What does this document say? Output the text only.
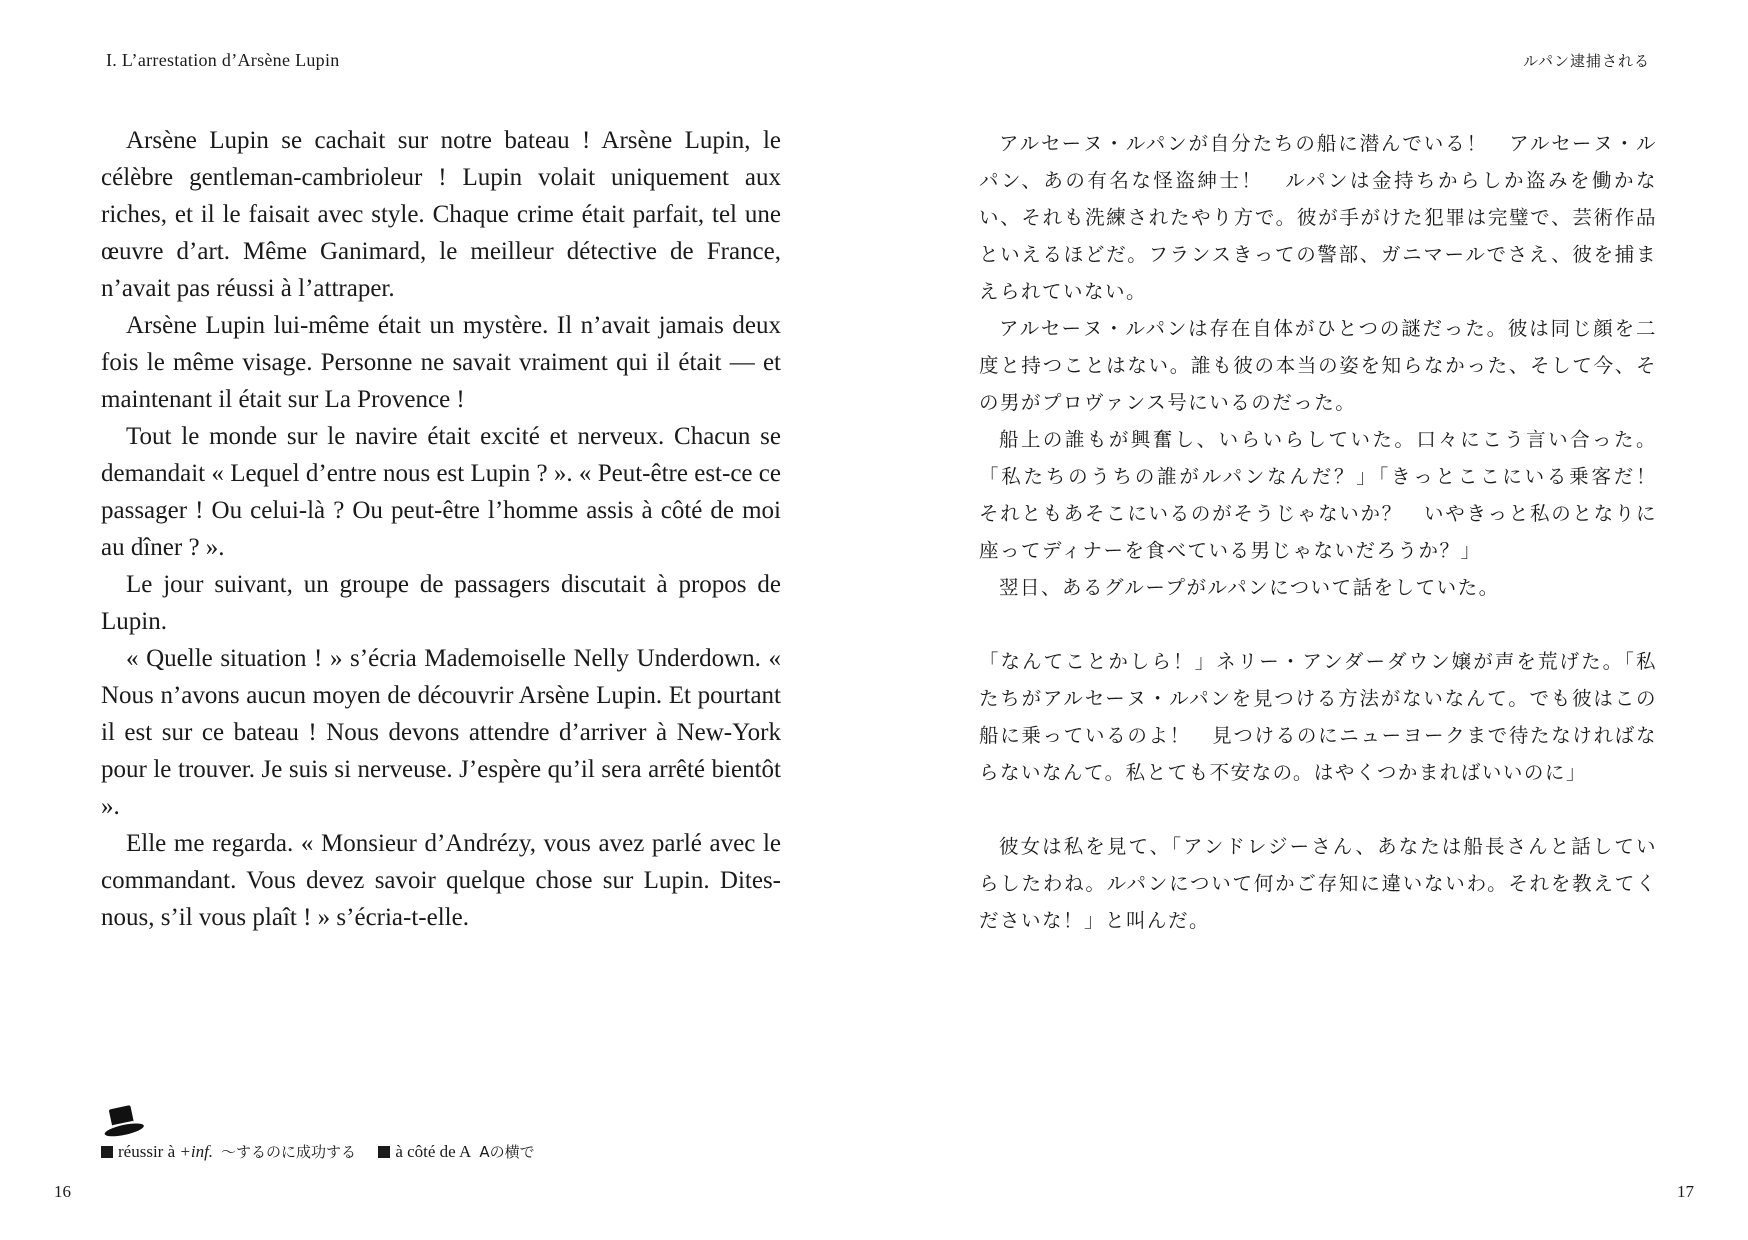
I. L’arrestation d’Arsène Lupin

Arsène Lupin se cachait sur notre bateau ! Arsène Lupin, le célèbre gentleman-cambrioleur ! Lupin volait uniquement aux riches, et il le faisait avec style. Chaque crime était parfait, tel une œuvre d’art. Même Ganimard, le meilleur détective de France, n’avait pas réussi à l’attraper.

Arsène Lupin lui-même était un mystère. Il n’avait jamais deux fois le même visage. Personne ne savait vraiment qui il était — et maintenant il était sur La Provence !

Tout le monde sur le navire était excité et nerveux. Chacun se demandait « Lequel d’entre nous est Lupin ? ». « Peut-être est-ce ce passager ! Ou celui-là ? Ou peut-être l’homme assis à côté de moi au dîner ? ».

Le jour suivant, un groupe de passagers discutait à propos de Lupin.

« Quelle situation ! » s’écria Mademoiselle Nelly Underdown. « Nous n’avons aucun moyen de découvrir Arsène Lupin. Et pourtant il est sur ce bateau ! Nous devons attendre d’arriver à New-York pour le trouver. Je suis si nerveuse. J’espère qu’il sera arrêté bientôt ».

Elle me regarda. « Monsieur d’Andrézy, vous avez parlé avec le commandant. Vous devez savoir quelque chose sur Lupin. Dites-nous, s’il vous plaît ! » s’écria-t-elle.

réussir à +inf. ～するのに成功する à côté de A Aの横で
16
ルパン逮捕される

アルセーヌ・ルパンが自分たちの船に潜んでいる！　アルセーヌ・ルパン、あの有名な怪盗紳士！　ルパンは金持ちからしか盗みを働かない、それも洗練されたやり方で。彼が手がけた犯罪は完璧で、芸術作品といえるほどだ。フランスきっての警部、ガニマールでさえ、彼を捕まえられていない。

アルセーヌ・ルパンは存在自体がひとつの謎だった。彼は同じ顔を二度と持つことはない。誰も彼の本当の姿を知らなかった、そして今、その男がプロヴァンス号にいるのだった。

船上の誰もが興奮し、いらいらしていた。口々にこう言い合った。「私たちのうちの誰がルパンなんだ？」「きっとここにいる乗客だ！　それともあそこにいるのがそうじゃないか？　いやきっと私のとなりに座ってディナーを食べている男じゃないだろうか？」

翌日、あるグループがルパンについて話をしていた。

「なんてことかしら！」ネリー・アンダーダウン嬢が声を荒げた。「私たちがアルセーヌ・ルパンを見つける方法がないなんて。でも彼はこの船に乗っているのよ！　見つけるのにニューヨークまで待たなければならないなんて。私とても不安なの。はやくつかまればいいのに」

彼女は私を見て、「アンドレジーさん、あなたは船長さんと話していらしたわね。ルパンについて何かご存知に違いないわ。それを教えてくださいな！」と叫んだ。

17
